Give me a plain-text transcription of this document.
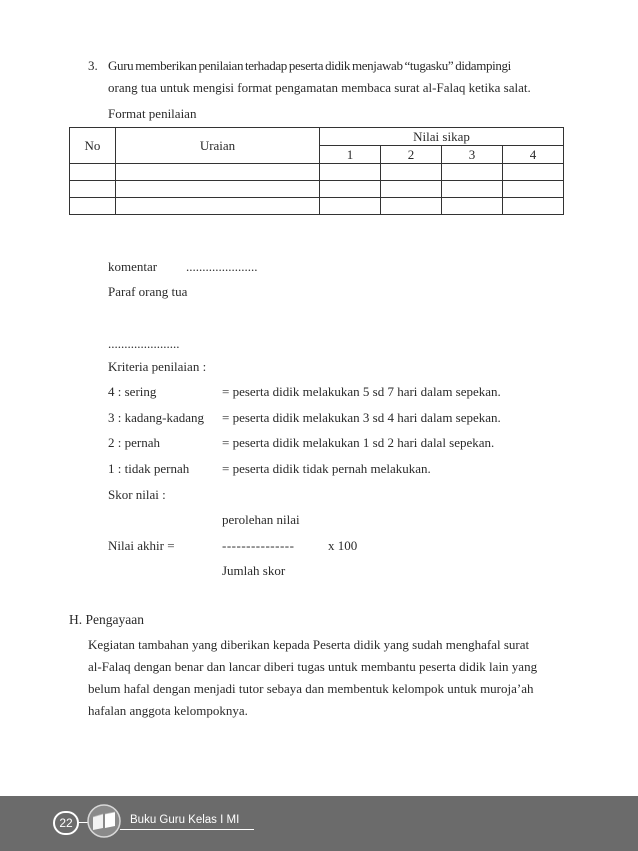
3. Guru memberikan penilaian terhadap peserta didik menjawab “tugasku” didampingi
orang tua untuk mengisi format pengamatan membaca surat al-Falaq ketika salat.
Format penilaian
No	Uraian	Nilai sikap			
		1	2	3	4

komentar ......................
Paraf orang tua
......................
Kriteria penilaian :
4 : sering	= peserta didik melakukan 5 sd 7 hari dalam sepekan.
3 : kadang-kadang = peserta didik melakukan 3 sd 4 hari dalam sepekan.
2 : pernah	= peserta didik melakukan 1 sd 2 hari dalal sepekan.
1 : tidak pernah	= peserta didik tidak pernah melakukan.
Skor nilai :
perolehan nilai
Nilai akhir =	---------------	x 100
Jumlah skor
H. Pengayaan
Kegiatan tambahan yang diberikan kepada Peserta didik yang sudah menghafal surat
al-Falaq dengan benar dan lancar diberi tugas untuk membantu peserta didik lain yang
belum hafal dengan menjadi tutor sebaya dan membentuk kelompok untuk muroja’ah
hafalan anggota kelompoknya.
22	Buku Guru Kelas I MI
